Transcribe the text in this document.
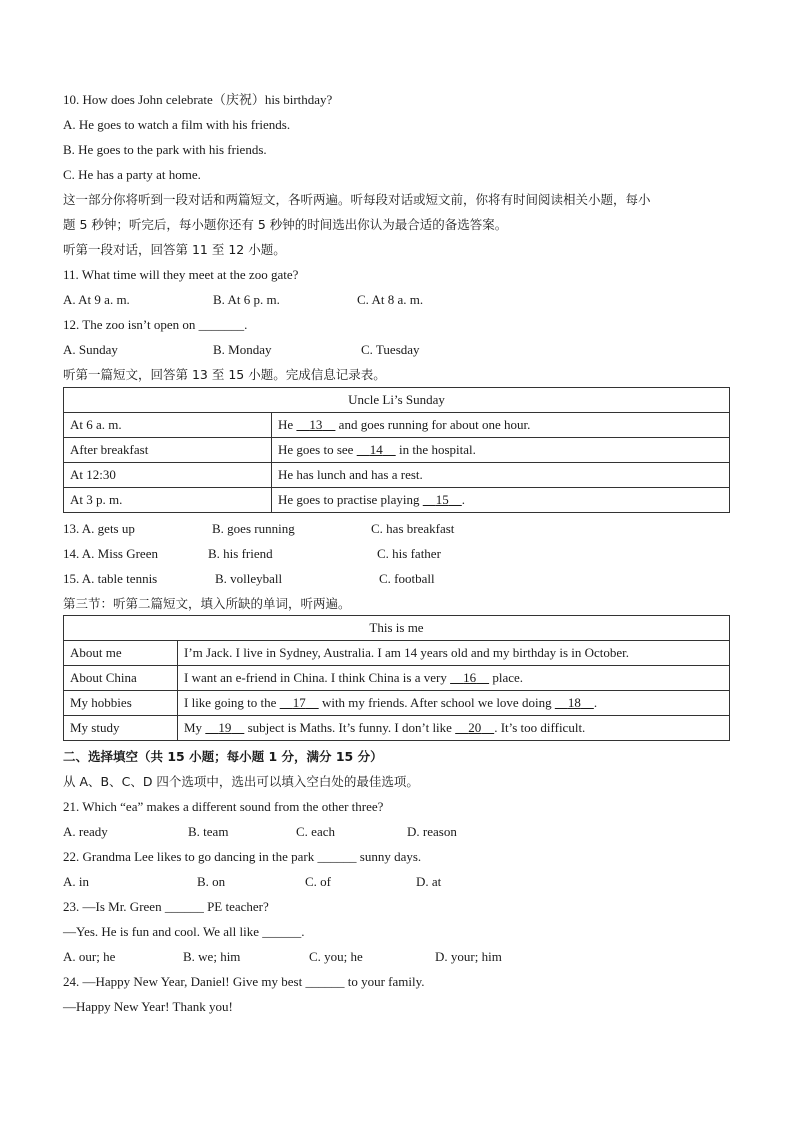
10. How does John celebrate（庆祝）his birthday?
A. He goes to watch a film with his friends.
B. He goes to the park with his friends.
C. He has a party at home.
这一部分你将听到一段对话和两篇短文，各听两遍。听每段对话或短文前，你将有时间阅读相关小题，每小
题 5 秒钟；听完后，每小题你还有 5 秒钟的时间选出你认为最合适的备选答案。
听第一段对话，回答第 11 至 12 小题。
11. What time will they meet at the zoo gate?
A. At 9 a. m.	B. At 6 p. m.	C. At 8 a. m.
12. The zoo isn’t open on _______.
A. Sunday	B. Monday	C. Tuesday
听第一篇短文，回答第 13 至 15 小题。完成信息记录表。
Uncle Li’s Sunday	
At 6 a. m.	He     13     and goes running for about one hour.
After breakfast	He goes to see     14     in the hospital.
At 12:30	He has lunch and has a rest.
At 3 p. m.	He goes to practise playing     15 .
13. A. gets up	B. goes running	C. has breakfast
14. A. Miss Green	B. his friend	C. his father
15. A. table tennis	B. volleyball	C. football
第三节：听第二篇短文，填入所缺的单词，听两遍。
This is me	
About me	I’m Jack. I live in Sydney, Australia. I am 14 years old and my birthday is in October.
About China	I want an e-friend in China. I think China is a very     16     place.
My hobbies	I like going to the     17     with my friends. After school we love doing     18 .
My study	My     19     subject is Maths. It’s funny. I don’t like     20 . It’s too difficult.
二、选择填空（共 15 小题；每小题 1 分，满分 15 分）
从 A、B、C、D 四个选项中，选出可以填入空白处的最佳选项。
21. Which “ea” makes a different sound from the other three?
A. ready	B. team	C. each	D. reason
22. Grandma Lee likes to go dancing in the park ______ sunny days.
A. in	B. on	C. of	D. at
23. —Is Mr. Green ______ PE teacher?
—Yes. He is fun and cool. We all like ______.
A. our; he	B. we; him	C. you; he	D. your; him
24. —Happy New Year, Daniel! Give my best ______ to your family.
—Happy New Year! Thank you!
